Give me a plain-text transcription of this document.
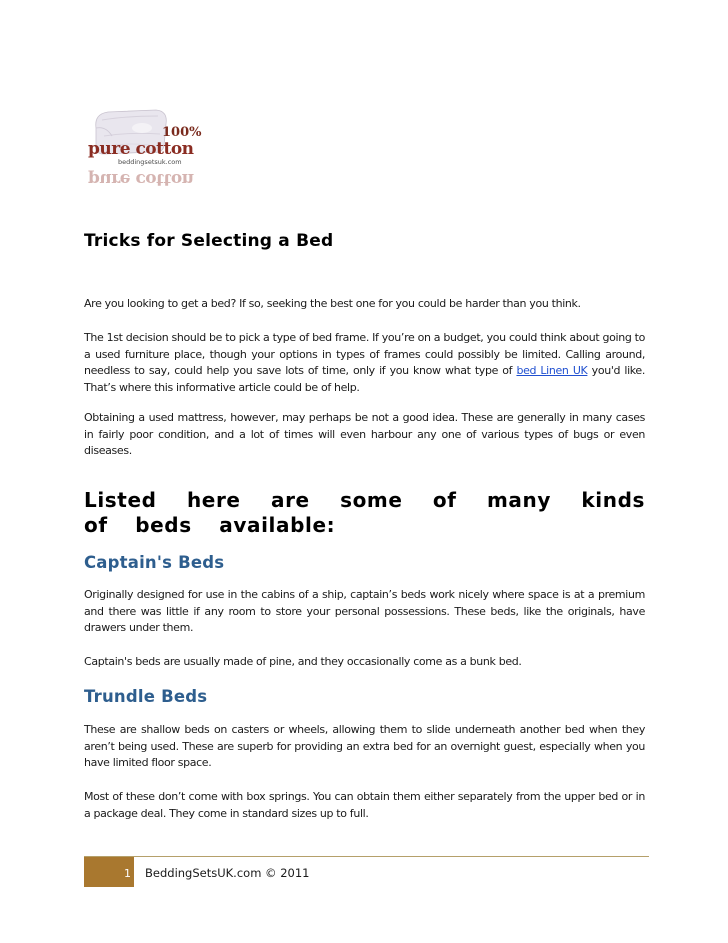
100%
pure cotton
beddingsetsuk.com
pure cotton
Tricks for Selecting a Bed

Are you looking to get a bed? If so, seeking the best one for you could be harder than you think.

The 1st decision should be to pick a type of bed frame. If you’re on a budget, you could think about going to a used furniture place, though your options in types of frames could possibly be limited. Calling around, needless to say, could help you save lots of time, only if you know what type of bed Linen UK you'd like. That’s where this informative article could be of help.

Obtaining a used mattress, however, may perhaps be not a good idea. These are generally in many cases in fairly poor condition, and a lot of times will even harbour any one of various types of bugs or even diseases.

Listed here are some of many kinds of beds available:
Captain's Beds

Originally designed for use in the cabins of a ship, captain’s beds work nicely where space is at a premium and there was little if any room to store your personal possessions. These beds, like the originals, have drawers under them.

Captain's beds are usually made of pine, and they occasionally come as a bunk bed.

Trundle Beds

These are shallow beds on casters or wheels, allowing them to slide underneath another bed when they aren’t being used. These are superb for providing an extra bed for an overnight guest, especially when you have limited floor space.

Most of these don’t come with box springs. You can obtain them either separately from the upper bed or in a package deal. They come in standard sizes up to full.

1 BeddingSetsUK.com © 2011
